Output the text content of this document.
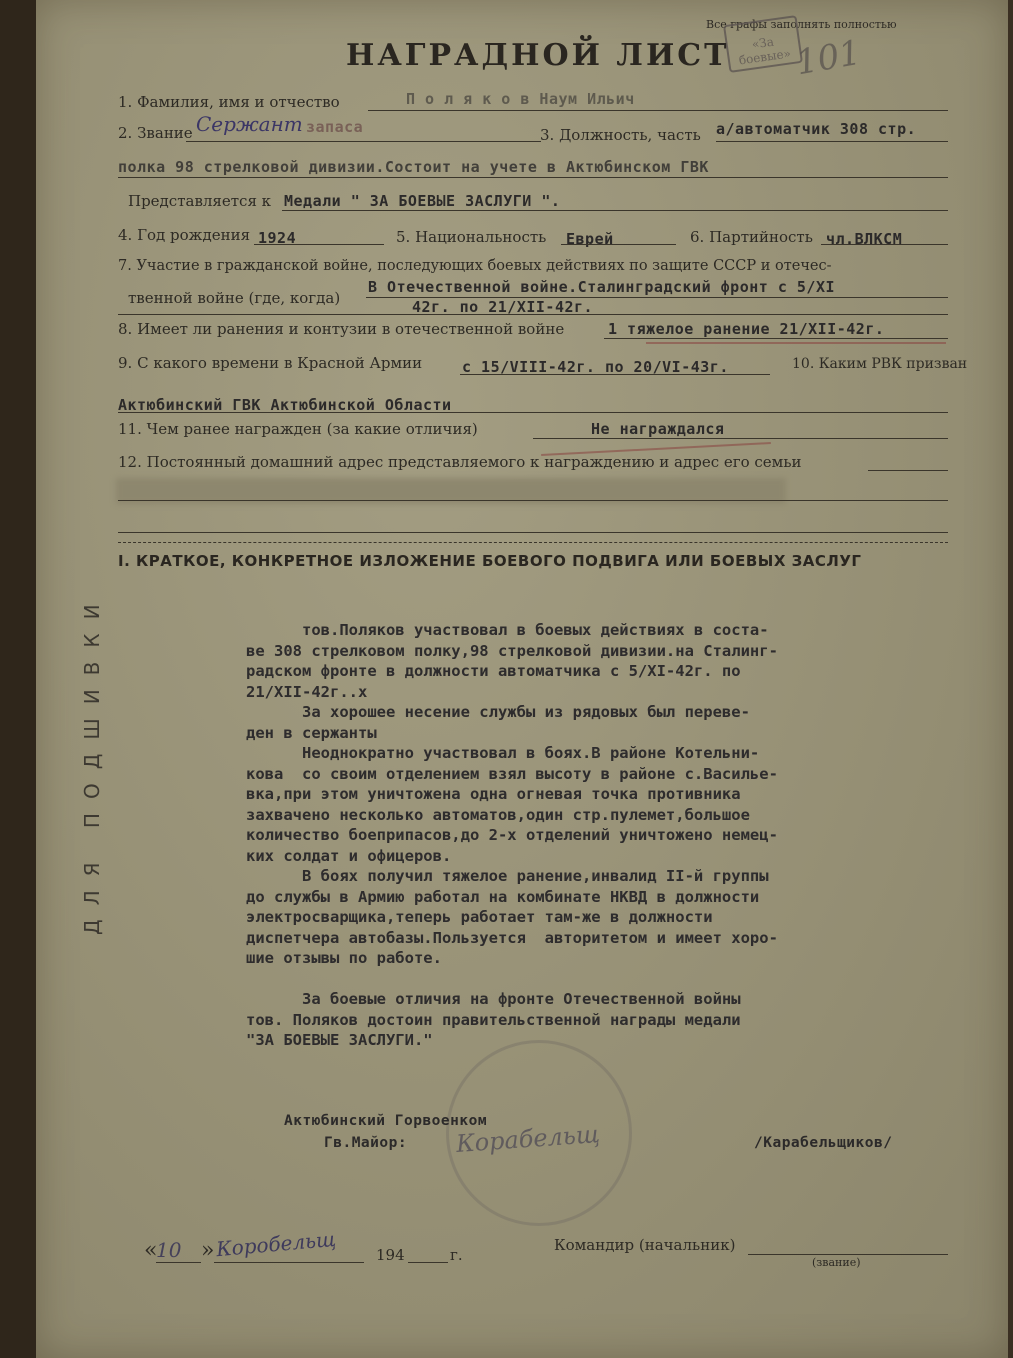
Все графы заполнять полностью
«За боевые» 101
НАГРАДНОЙ ЛИСТ
1. Фамилия, имя и отчество	П о л я к о в Наум Ильич
2. Звание Сержант запаса	3. Должность, часть а/автоматчик 308 стр.
полка 98 стрелковой дивизии.Состоит на учете в Актюбинском ГВК
Представляется к Медали " ЗА БОЕВЫЕ ЗАСЛУГИ ".
4. Год рождения 1924	5. Национальность Еврей	6. Партийность чл.ВЛКСМ
7. Участие в гражданской войне, последующих боевых действиях по защите СССР и отечес-
твенной войне (где, когда)
В Отечественной войне.Сталинградский фронт с 5/XI
42г. по 21/XII-42г.
8. Имеет ли ранения и контузии в отечественной войне	1 тяжелое ранение 21/XII-42г.
9. С какого времени в Красной Армии	с 15/VIII-42г. по 20/VI-43г.	10. Каким РВК призван
Актюбинский ГВК Актюбинской Области
11. Чем ранее награжден (за какие отличия)	Не награждался
12. Постоянный домашний адрес представляемого к награждению и адрес его семьи
ДЛЯ ПОДШИВКИ
I. КРАТКОЕ, КОНКРЕТНОЕ ИЗЛОЖЕНИЕ БОЕВОГО ПОДВИГА ИЛИ БОЕВЫХ ЗАСЛУГ
тов.Поляков участвовал в боевых действиях в соста-
ве 308 стрелковом полку,98 стрелковой дивизии.на Сталинг-
радском фронте в должности автоматчика с 5/XI-42г. по
21/XII-42г..х
За хорошее несение службы из рядовых был переве-
ден в сержанты
Неоднократно участвовал в боях.В районе Котельни-
кова  со своим отделением взял высоту в районе с.Василье-
вка,при этом уничтожена одна огневая точка противника
захвачено несколько автоматов,один стр.пулемет,большое
количество боеприпасов,до 2-х отделений уничтожено немец-
ких солдат и офицеров.
В боях получил тяжелое ранение,инвалид II-й группы
до службы в Армию работал на комбинате НКВД в должности
электросварщика,теперь работает там-же в должности
диспетчера автобазы.Пользуется  авторитетом и имеет хоро-
шие отзывы по работе.
За боевые отличия на фронте Отечественной войны
тов. Поляков достоин правительственной награды медали
"ЗА БОЕВЫЕ ЗАСЛУГИ."
Актюбинский Горвоенком
Гв.Майор: Корабельщ	/Карабельщиков/
«
10 » Коробельщ	194	г.
Командир (начальник)
(звание)
